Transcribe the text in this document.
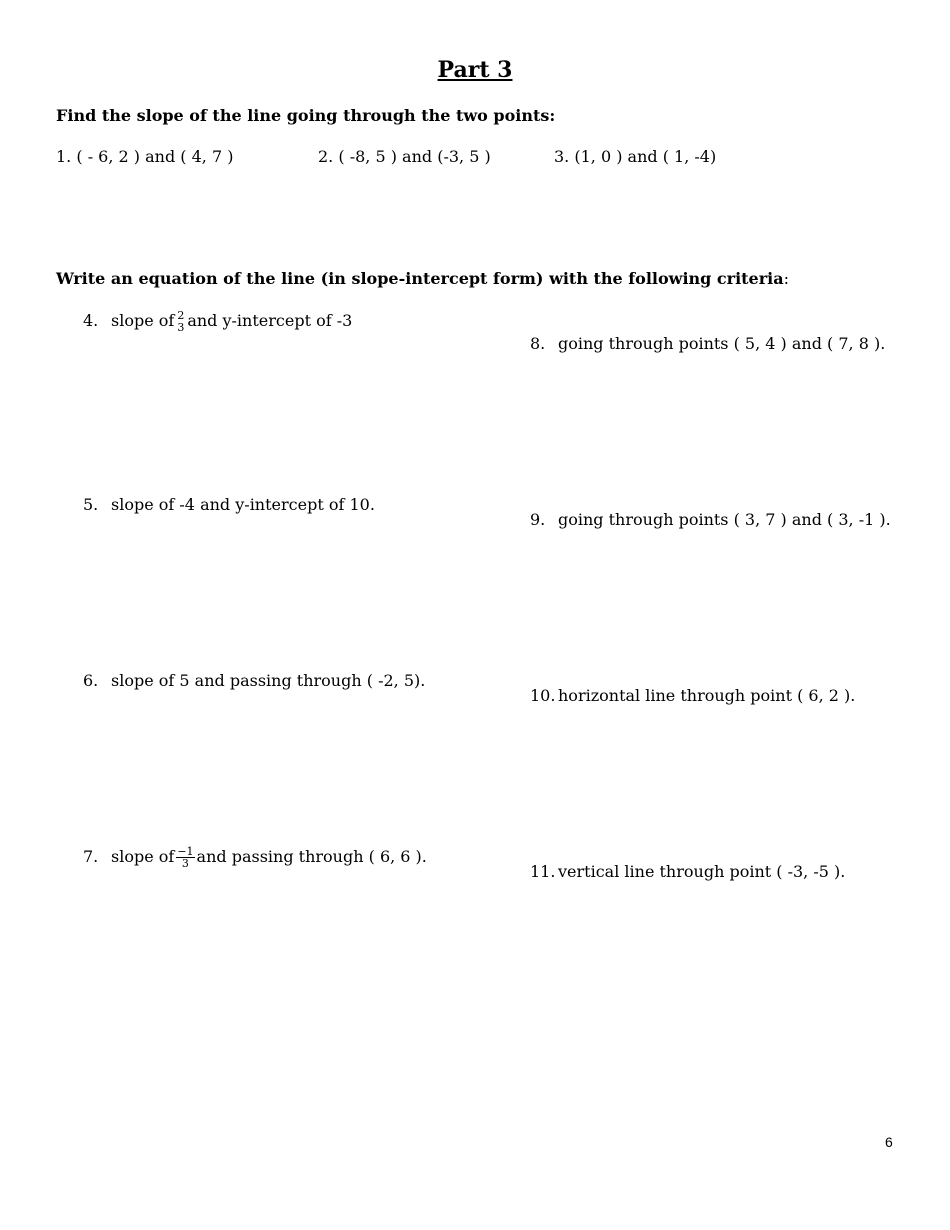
Part 3
Find the slope of the line going through the two points:
1. ( - 6, 2 ) and ( 4, 7 )	2. ( -8, 5 ) and (-3, 5 )	3. (1, 0 ) and ( 1, -4)
Write an equation of the line (in slope-intercept form) with the following criteria:
4. slope of 2
3 and y-intercept of -3
5. slope of -4 and y-intercept of 10.
6. slope of 5 and passing through ( -2, 5).
7. slope of $\frac{-1}{3}$ and passing through ( 6, 6 ).
8. going through points ( 5, 4 ) and ( 7, 8 ).
9. going through points ( 3, 7 ) and ( 3, -1 ).
10. horizontal line through point ( 6, 2 ).
11. vertical line through point ( -3, -5 ).
6
